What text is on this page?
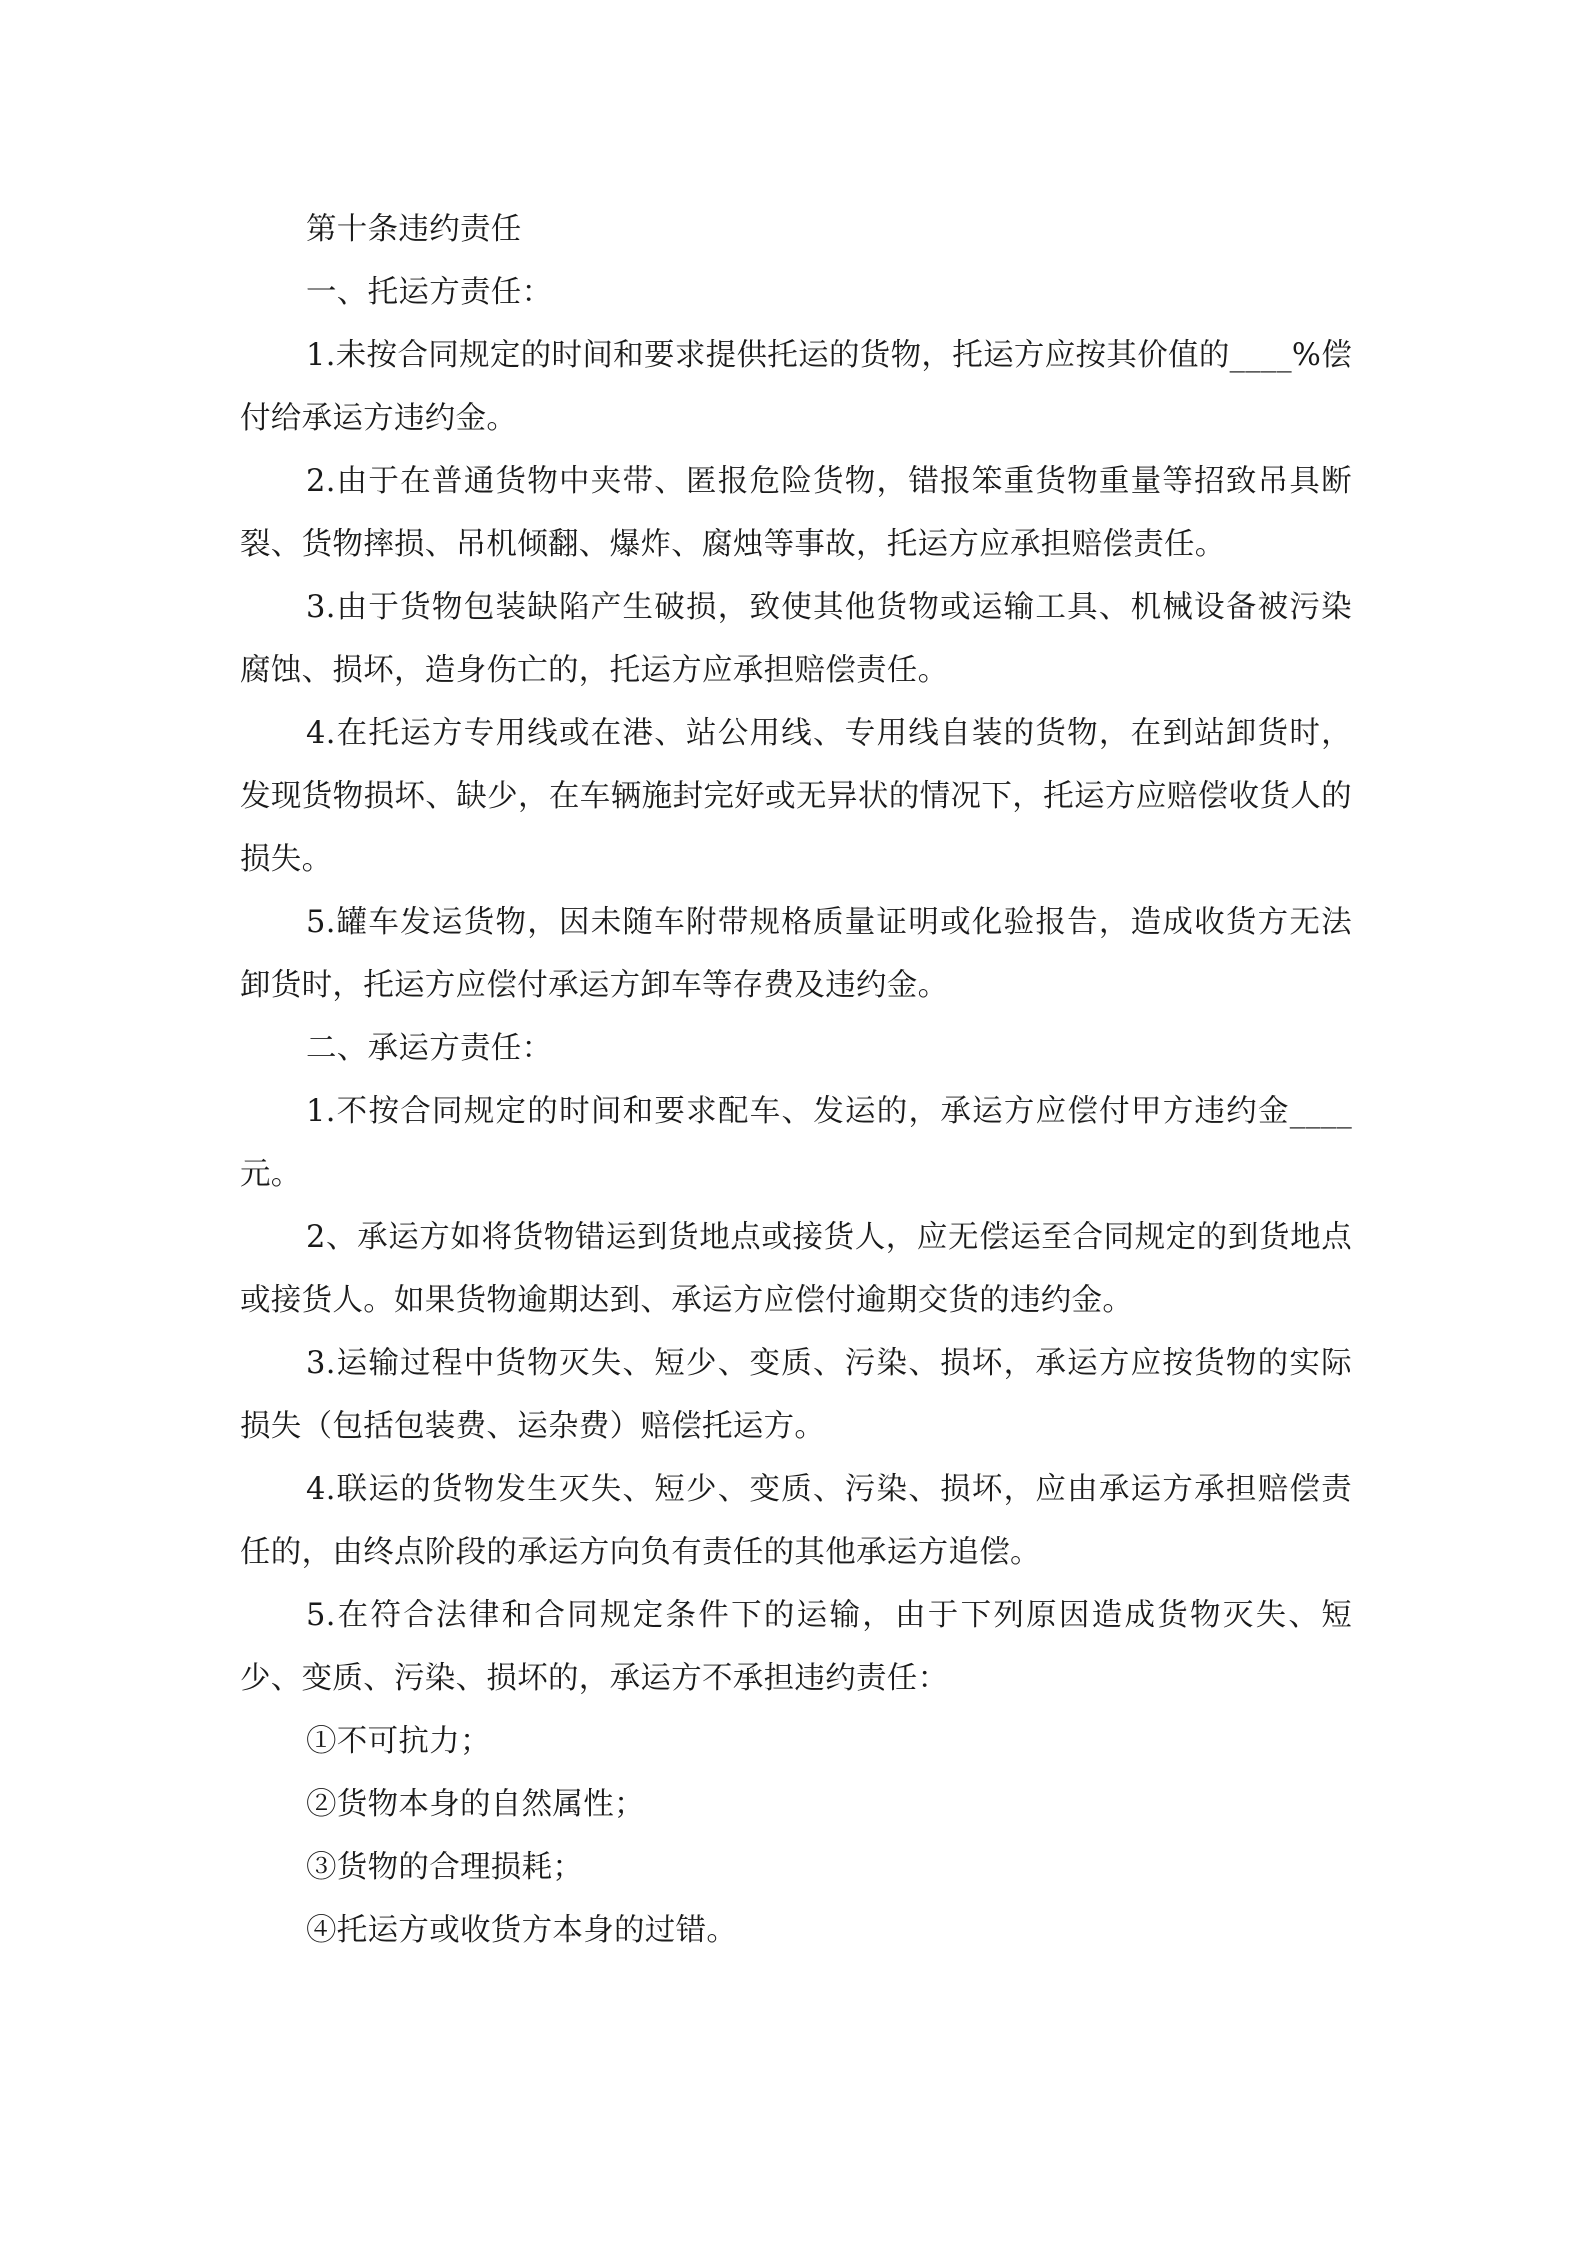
第十条违约责任

一、托运方责任：

1.未按合同规定的时间和要求提供托运的货物，托运方应按其价值的____%偿付给承运方违约金。

2.由于在普通货物中夹带、匿报危险货物，错报笨重货物重量等招致吊具断裂、货物摔损、吊机倾翻、爆炸、腐烛等事故，托运方应承担赔偿责任。

3.由于货物包装缺陷产生破损，致使其他货物或运输工具、机械设备被污染腐蚀、损坏，造身伤亡的，托运方应承担赔偿责任。

4.在托运方专用线或在港、站公用线、专用线自装的货物，在到站卸货时，发现货物损坏、缺少，在车辆施封完好或无异状的情况下，托运方应赔偿收货人的损失。

5.罐车发运货物，因未随车附带规格质量证明或化验报告，造成收货方无法卸货时，托运方应偿付承运方卸车等存费及违约金。

二、承运方责任：

1.不按合同规定的时间和要求配车、发运的，承运方应偿付甲方违约金____元。

2、承运方如将货物错运到货地点或接货人，应无偿运至合同规定的到货地点或接货人。如果货物逾期达到、承运方应偿付逾期交货的违约金。

3.运输过程中货物灭失、短少、变质、污染、损坏，承运方应按货物的实际损失（包括包装费、运杂费）赔偿托运方。

4.联运的货物发生灭失、短少、变质、污染、损坏，应由承运方承担赔偿责任的，由终点阶段的承运方向负有责任的其他承运方追偿。

5.在符合法律和合同规定条件下的运输，由于下列原因造成货物灭失、短少、变质、污染、损坏的，承运方不承担违约责任：

①不可抗力；

②货物本身的自然属性；

③货物的合理损耗；

④托运方或收货方本身的过错。
